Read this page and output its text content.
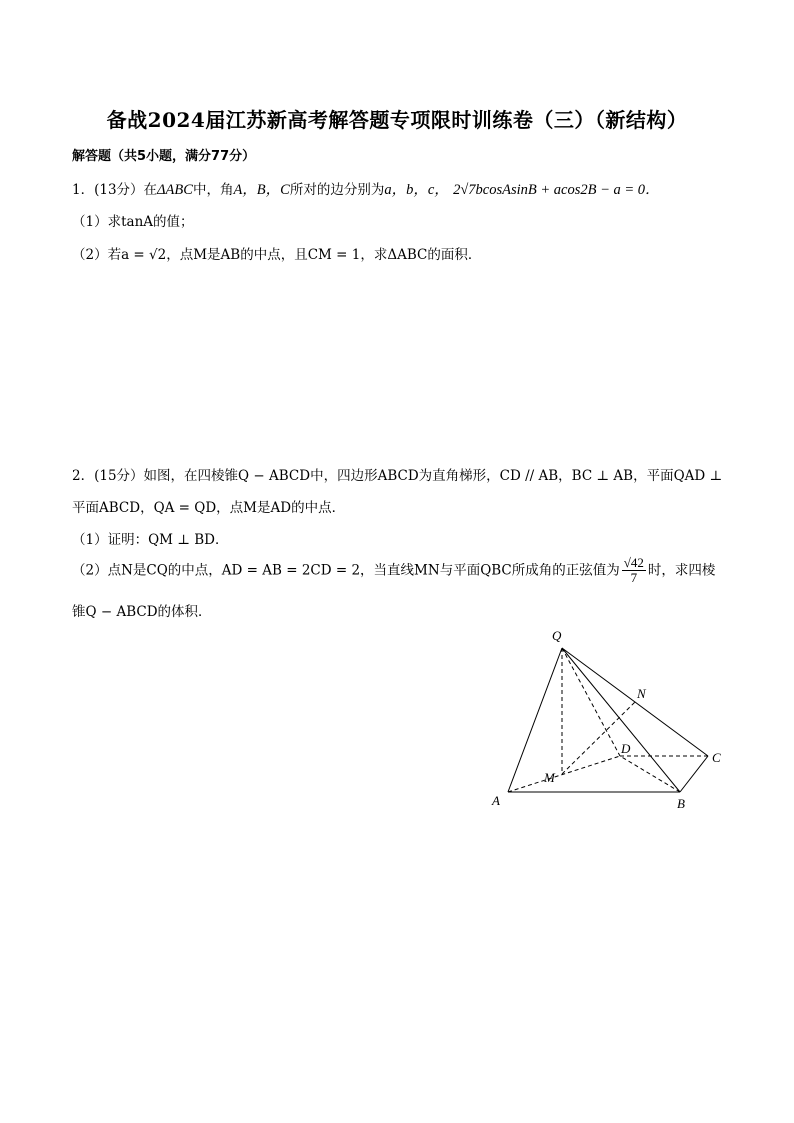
备战2024届江苏新高考解答题专项限时训练卷（三）（新结构）
解答题（共5小题，满分77分）
1．(13分）在ΔABC中，角A，B，C所对的边分别为a，b，c， 2√7bcosAsinB + acos2B − a = 0．
（1）求tanA的值；
（2）若a = √2，点M是AB的中点，且CM = 1，求ΔABC的面积．
2．(15分）如图，在四棱锥Q − ABCD中，四边形ABCD为直角梯形，CD // AB，BC ⊥ AB，平面QAD ⊥
平面ABCD，QA = QD，点M是AD的中点．
（1）证明：QM ⊥ BD．
（2）点N是CQ的中点，AD = AB = 2CD = 2，当直线MN与平面QBC所成角的正弦值为 $\frac{√42}{7}$ 时，求四棱
锥Q − ABCD的体积．
Q
N
D
C
M
A	B
